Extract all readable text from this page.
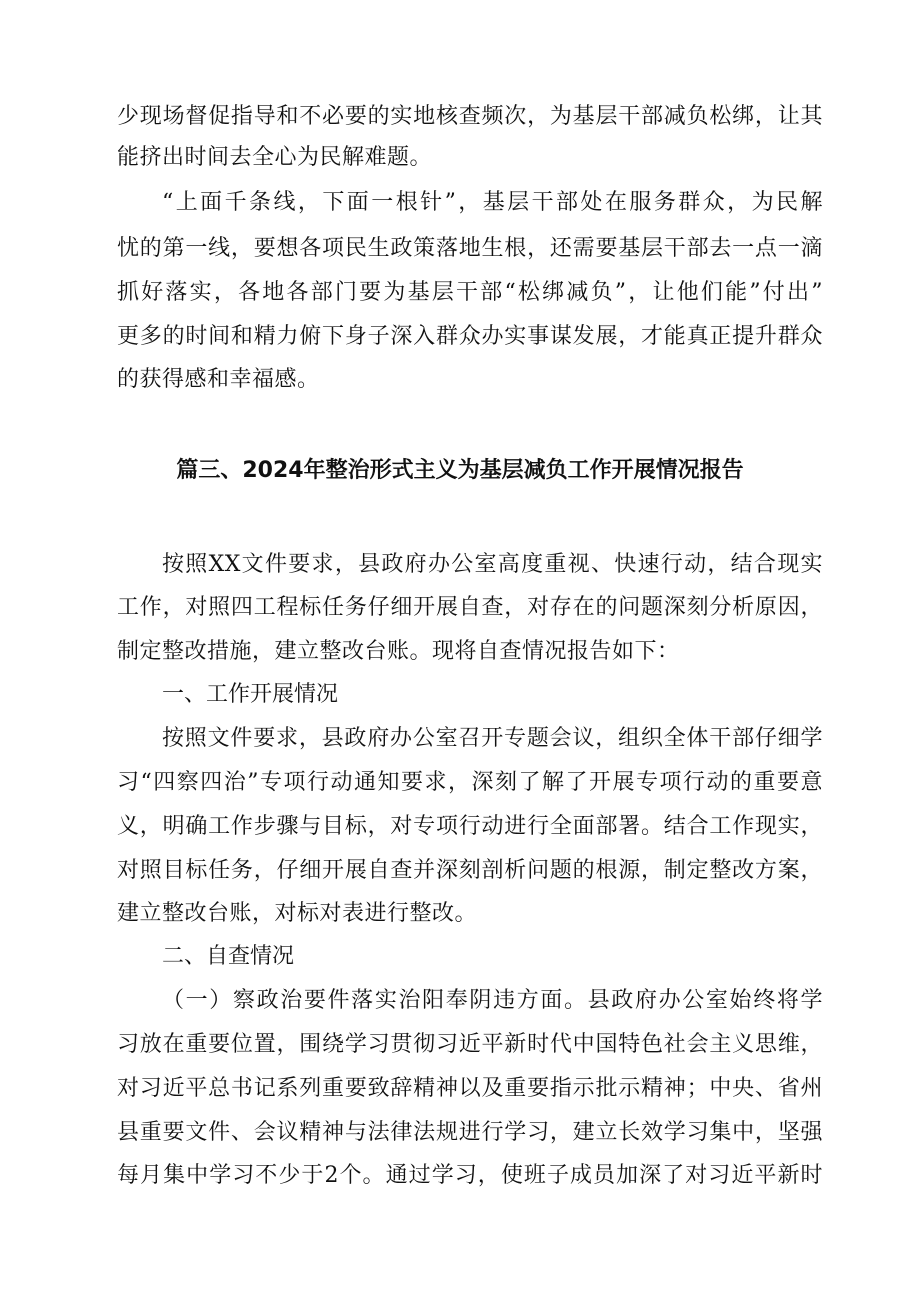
少现场督促指导和不必要的实地核查频次，为基层干部减负松绑，让其
能挤出时间去全心为民解难题。
“上面千条线，下面一根针”，基层干部处在服务群众，为民解
忧的第一线，要想各项民生政策落地生根，还需要基层干部去一点一滴
抓好落实，各地各部门要为基层干部“松绑减负”，让他们能”付出”
更多的时间和精力俯下身子深入群众办实事谋发展，才能真正提升群众
的获得感和幸福感。
篇三、2024年整治形式主义为基层减负工作开展情况报告
按照XX文件要求，县政府办公室高度重视、快速行动，结合现实
工作，对照四工程标任务仔细开展自查，对存在的问题深刻分析原因，
制定整改措施，建立整改台账。现将自查情况报告如下：
一、工作开展情况
按照文件要求，县政府办公室召开专题会议，组织全体干部仔细学
习“四察四治”专项行动通知要求，深刻了解了开展专项行动的重要意
义，明确工作步骤与目标，对专项行动进行全面部署。结合工作现实，
对照目标任务，仔细开展自查并深刻剖析问题的根源，制定整改方案，
建立整改台账，对标对表进行整改。
二、自查情况
（一）察政治要件落实治阳奉阴违方面。县政府办公室始终将学
习放在重要位置，围绕学习贯彻习近平新时代中国特色社会主义思维，
对习近平总书记系列重要致辞精神以及重要指示批示精神；中央、省州
县重要文件、会议精神与法律法规进行学习，建立长效学习集中，坚强
每月集中学习不少于2个。通过学习，使班子成员加深了对习近平新时
